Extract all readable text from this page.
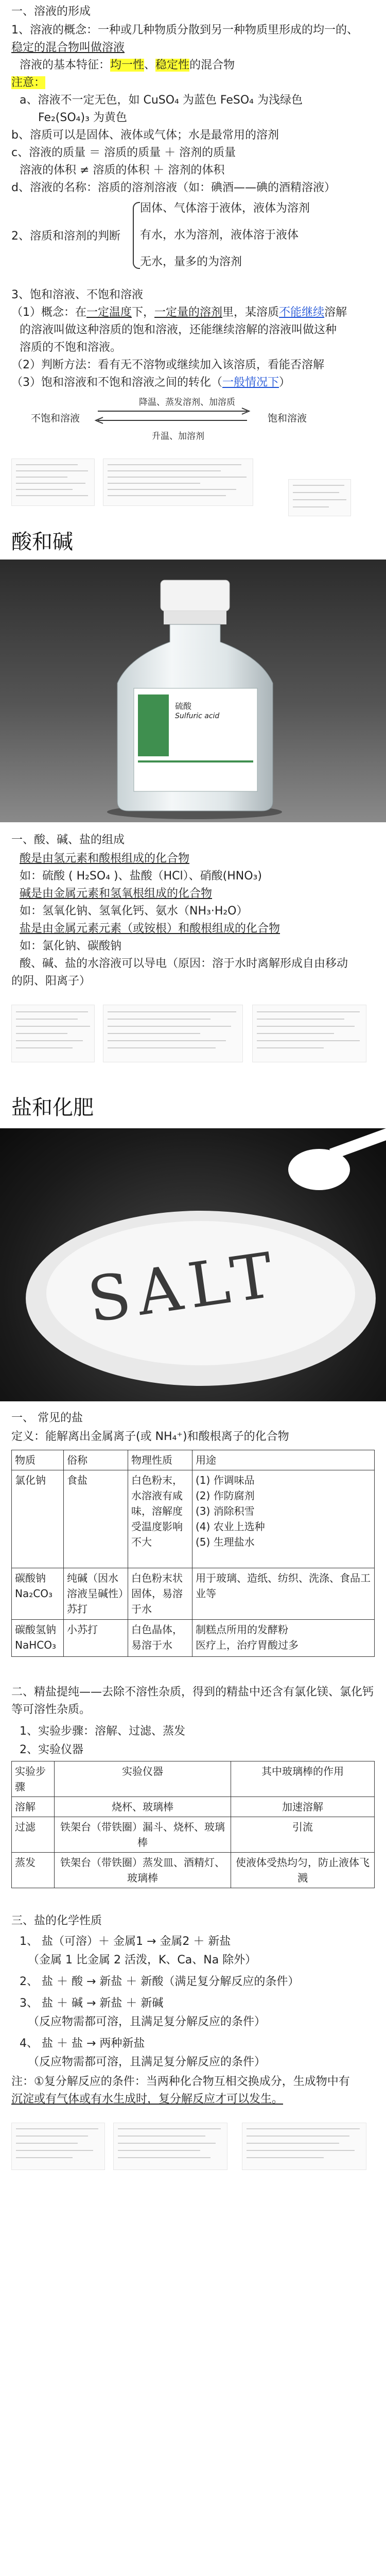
一、溶液的形成
1、溶液的概念：一种或几种物质分散到另一种物质里形成的均一的、
稳定的混合物叫做溶液
溶液的基本特征：均一性、稳定性的混合物
注意：
a、溶液不一定无色，如 CuSO₄ 为蓝色 FeSO₄ 为浅绿色
Fe₂(SO₄)₃ 为黄色
b、溶质可以是固体、液体或气体；水是最常用的溶剂
c、溶液的质量 ＝ 溶质的质量 ＋ 溶剂的质量
溶液的体积 ≠ 溶质的体积 ＋ 溶剂的体积
d、溶液的名称：溶质的溶剂溶液（如：碘酒——碘的酒精溶液）
2、溶质和溶剂的判断
固体、气体溶于液体，液体为溶剂
有水，水为溶剂，液体溶于液体
无水，量多的为溶剂
3、饱和溶液、不饱和溶液
（1）概念：在一定温度下，一定量的溶剂里，某溶质不能继续溶解
的溶液叫做这种溶质的饱和溶液，还能继续溶解的溶液叫做这种
溶质的不饱和溶液。
（2）判断方法：看有无不溶物或继续加入该溶质，看能否溶解
（3）饱和溶液和不饱和溶液之间的转化（一般情况下）
降温、蒸发溶剂、加溶质
不饱和溶液	饱和溶液
升温、加溶剂
酸和碱
硫酸
Sulfuric acid
一、酸、碱、盐的组成
酸是由氢元素和酸根组成的化合物
如：硫酸 ( H₂SO₄ )、盐酸（HCl）、硝酸(HNO₃)
碱是由金属元素和氢氧根组成的化合物
如：氢氧化钠、氢氧化钙、氨水（NH₃·H₂O）
盐是由金属元素元素（或铵根）和酸根组成的化合物
如：氯化钠、碳酸钠
酸、碱、盐的水溶液可以导电（原因：溶于水时离解形成自由移动
的阴、阳离子）
盐和化肥
SALT
一、 常见的盐
定义：能解离出金属离子(或 NH₄⁺)和酸根离子的化合物
物质	俗称	物理性质	用途
氯化钠	食盐	白色粉末，水溶液有咸味，溶解度受温度影响不大	(1) 作调味品
(2) 作防腐剂
(3) 消除积雪
(4) 农业上选种
(5) 生理盐水
碳酸钠
Na₂CO₃	纯碱（因水溶液呈碱性）苏打	白色粉末状固体，易溶于水	用于玻璃、造纸、纺织、洗涤、食品工业等
碳酸氢钠
NaHCO₃	小苏打	白色晶体，易溶于水	制糕点所用的发酵粉
医疗上，治疗胃酸过多
二、精盐提纯——去除不溶性杂质，得到的精盐中还含有氯化镁、氯化钙等可溶性杂质。
1、实验步骤：溶解、过滤、蒸发
2、实验仪器
实验步骤	实验仪器	其中玻璃棒的作用
溶解	烧杯、玻璃棒	加速溶解
过滤	铁架台（带铁圈）漏斗、烧杯、玻璃棒	引流
蒸发	铁架台（带铁圈）蒸发皿、酒精灯、玻璃棒	使液体受热均匀，防止液体飞溅
三、盐的化学性质
1、 盐（可溶）＋ 金属1 → 金属2 ＋ 新盐
（金属 1 比金属 2 活泼，K、Ca、Na 除外）
2、 盐 ＋ 酸 → 新盐 ＋ 新酸（满足复分解反应的条件）
3、 盐 ＋ 碱 → 新盐 ＋ 新碱
（反应物需都可溶，且满足复分解反应的条件）
4、 盐 ＋ 盐 → 两种新盐
（反应物需都可溶，且满足复分解反应的条件）
注：①复分解反应的条件：当两种化合物互相交换成分，生成物中有
沉淀或有气体或有水生成时，复分解反应才可以发生。
